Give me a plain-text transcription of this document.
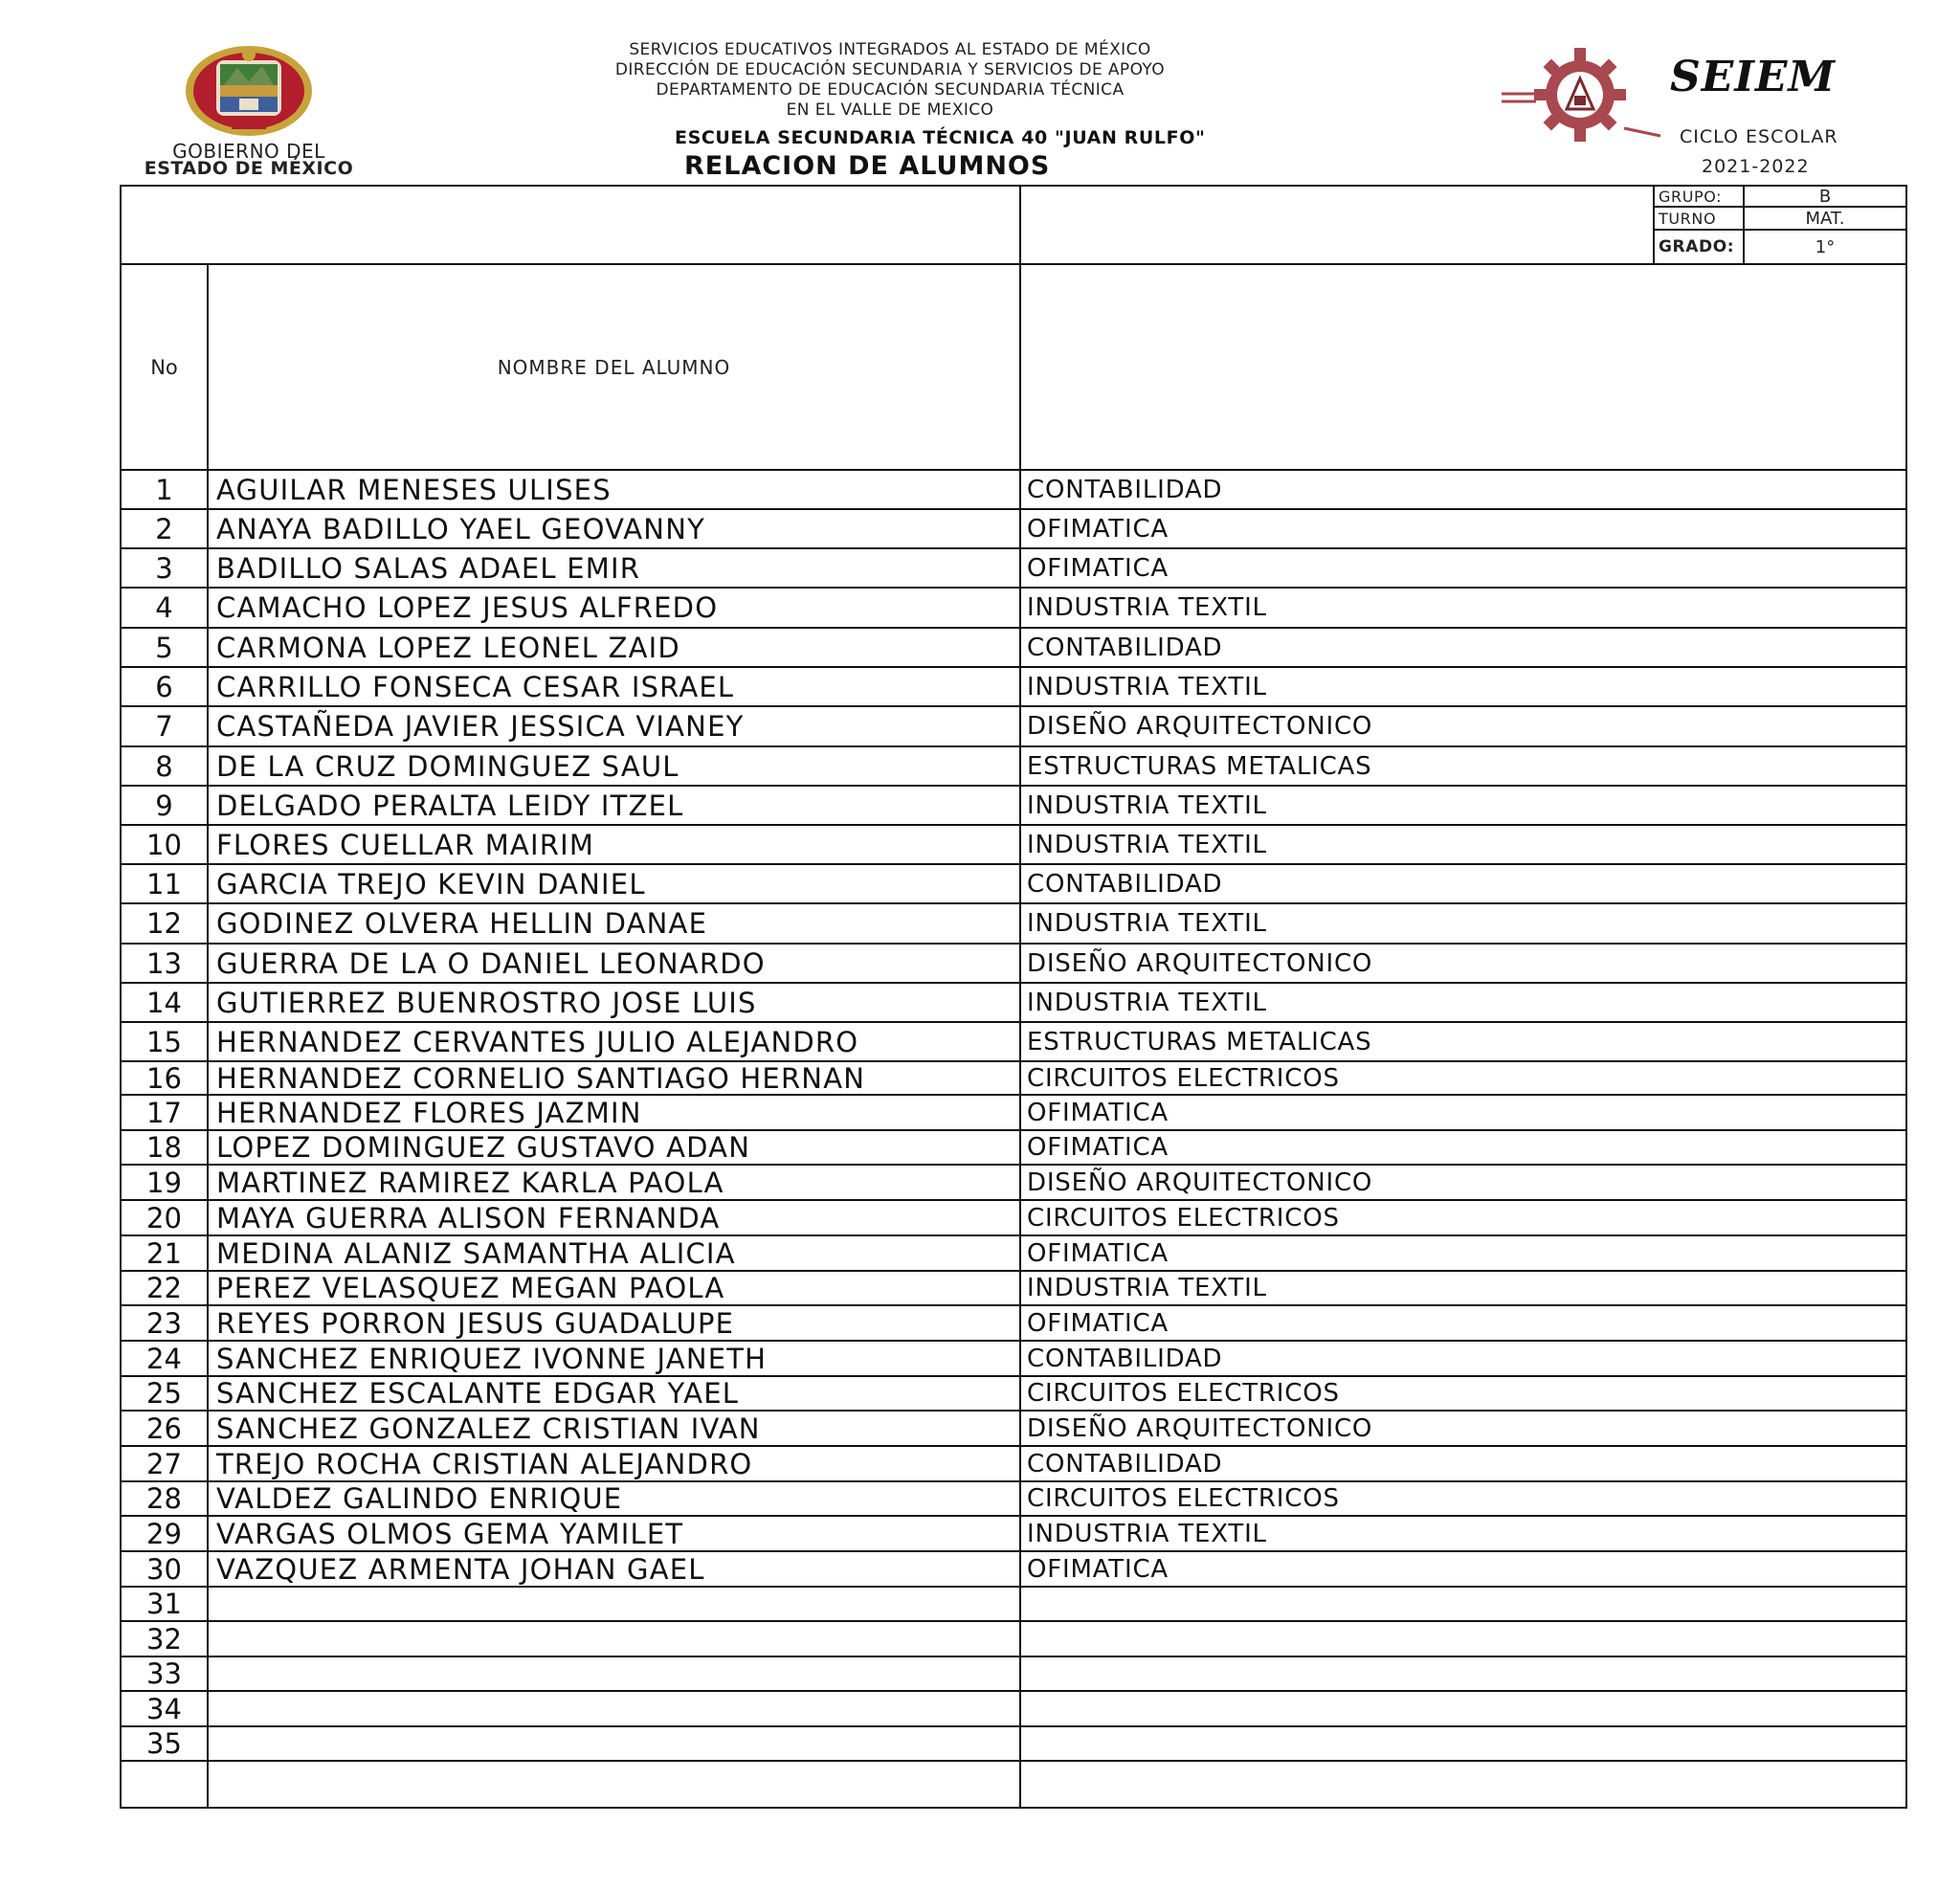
GOBIERNO DEL
ESTADO DE MÉXICO
SERVICIOS EDUCATIVOS INTEGRADOS AL ESTADO DE MÉXICO
DIRECCIÓN DE EDUCACIÓN SECUNDARIA Y SERVICIOS DE APOYO
DEPARTAMENTO DE EDUCACIÓN SECUNDARIA TÉCNICA
EN EL VALLE DE MEXICO
ESCUELA SECUNDARIA TÉCNICA 40 "JUAN RULFO"
RELACION DE ALUMNOS
SEIEM
CICLO ESCOLAR
2021-2022
GRUPO:	B
TURNO	MAT.
GRADO:	1°
No	NOMBRE DEL ALUMNO
1	AGUILAR MENESES ULISES	CONTABILIDAD
2	ANAYA BADILLO YAEL GEOVANNY	OFIMATICA
3	BADILLO SALAS ADAEL EMIR	OFIMATICA
4	CAMACHO LOPEZ JESUS ALFREDO	INDUSTRIA TEXTIL
5	CARMONA LOPEZ LEONEL ZAID	CONTABILIDAD
6	CARRILLO FONSECA CESAR ISRAEL	INDUSTRIA TEXTIL
7	CASTAÑEDA JAVIER JESSICA VIANEY	DISEÑO ARQUITECTONICO
8	DE LA CRUZ DOMINGUEZ SAUL	ESTRUCTURAS METALICAS
9	DELGADO PERALTA LEIDY ITZEL	INDUSTRIA TEXTIL
10	FLORES CUELLAR MAIRIM	INDUSTRIA TEXTIL
11	GARCIA TREJO KEVIN DANIEL	CONTABILIDAD
12	GODINEZ OLVERA HELLIN DANAE	INDUSTRIA TEXTIL
13	GUERRA DE LA O DANIEL LEONARDO	DISEÑO ARQUITECTONICO
14	GUTIERREZ BUENROSTRO JOSE LUIS	INDUSTRIA TEXTIL
15	HERNANDEZ CERVANTES JULIO ALEJANDRO	ESTRUCTURAS METALICAS
16	HERNANDEZ CORNELIO SANTIAGO HERNAN	CIRCUITOS ELECTRICOS
17	HERNANDEZ FLORES JAZMIN	OFIMATICA
18	LOPEZ DOMINGUEZ GUSTAVO ADAN	OFIMATICA
19	MARTINEZ RAMIREZ KARLA PAOLA	DISEÑO ARQUITECTONICO
20	MAYA GUERRA ALISON FERNANDA	CIRCUITOS ELECTRICOS
21	MEDINA ALANIZ SAMANTHA ALICIA	OFIMATICA
22	PEREZ VELASQUEZ MEGAN PAOLA	INDUSTRIA TEXTIL
23	REYES PORRON JESUS GUADALUPE	OFIMATICA
24	SANCHEZ ENRIQUEZ IVONNE JANETH	CONTABILIDAD
25	SANCHEZ ESCALANTE EDGAR YAEL	CIRCUITOS ELECTRICOS
26	SANCHEZ GONZALEZ CRISTIAN IVAN	DISEÑO ARQUITECTONICO
27	TREJO ROCHA CRISTIAN ALEJANDRO	CONTABILIDAD
28	VALDEZ GALINDO ENRIQUE	CIRCUITOS ELECTRICOS
29	VARGAS OLMOS GEMA YAMILET	INDUSTRIA TEXTIL
30	VAZQUEZ ARMENTA JOHAN GAEL	OFIMATICA
31
32
33
34
35
